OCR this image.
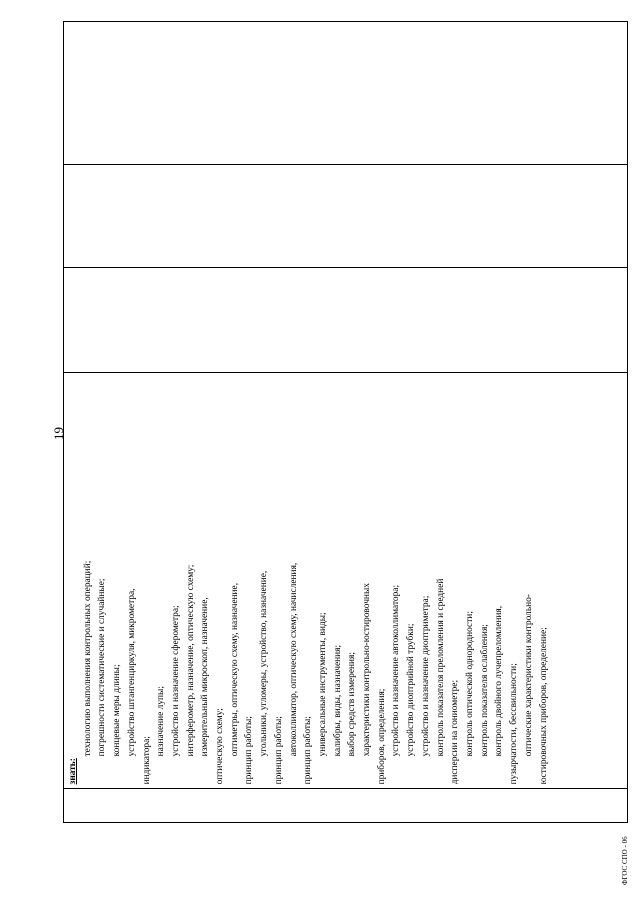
19

знать:
технологию выполнения контрольных операций; погрешности систематические и случайные; концевые меры длины; устройство штангенциркуля, микрометра,
индикатора;
назначение лупы; устройство и назначение сферометра; интерферометр, назначение, оптическую схему; измерительный микроскоп, назначение, оптическую схему; оптиметры, оптическую схему, назначение, принцип работы; угольники, угломеры, устройство, назначение, принцип работы; автоколлиматор, оптическую схему, начисления, принцип работы; универсальные инструменты, виды; калибры, виды, назначения; выбор средств измерения; характеристики контрольно-юстировочных приборов, определения; устройство и назначение автоколлиматора; устройство диоптрийной трубки; устройство и назначение диоптриметра; контроль показателя преломления и средней дисперсии на гониометре; контроль оптической однородности; контроль показателя ослабления; контроль двойного лучепреломления, пузырчатости, бессвильности; оптические характеристики контрольно- юстировочных приборов, определение;

ФГОС СПО - 06
